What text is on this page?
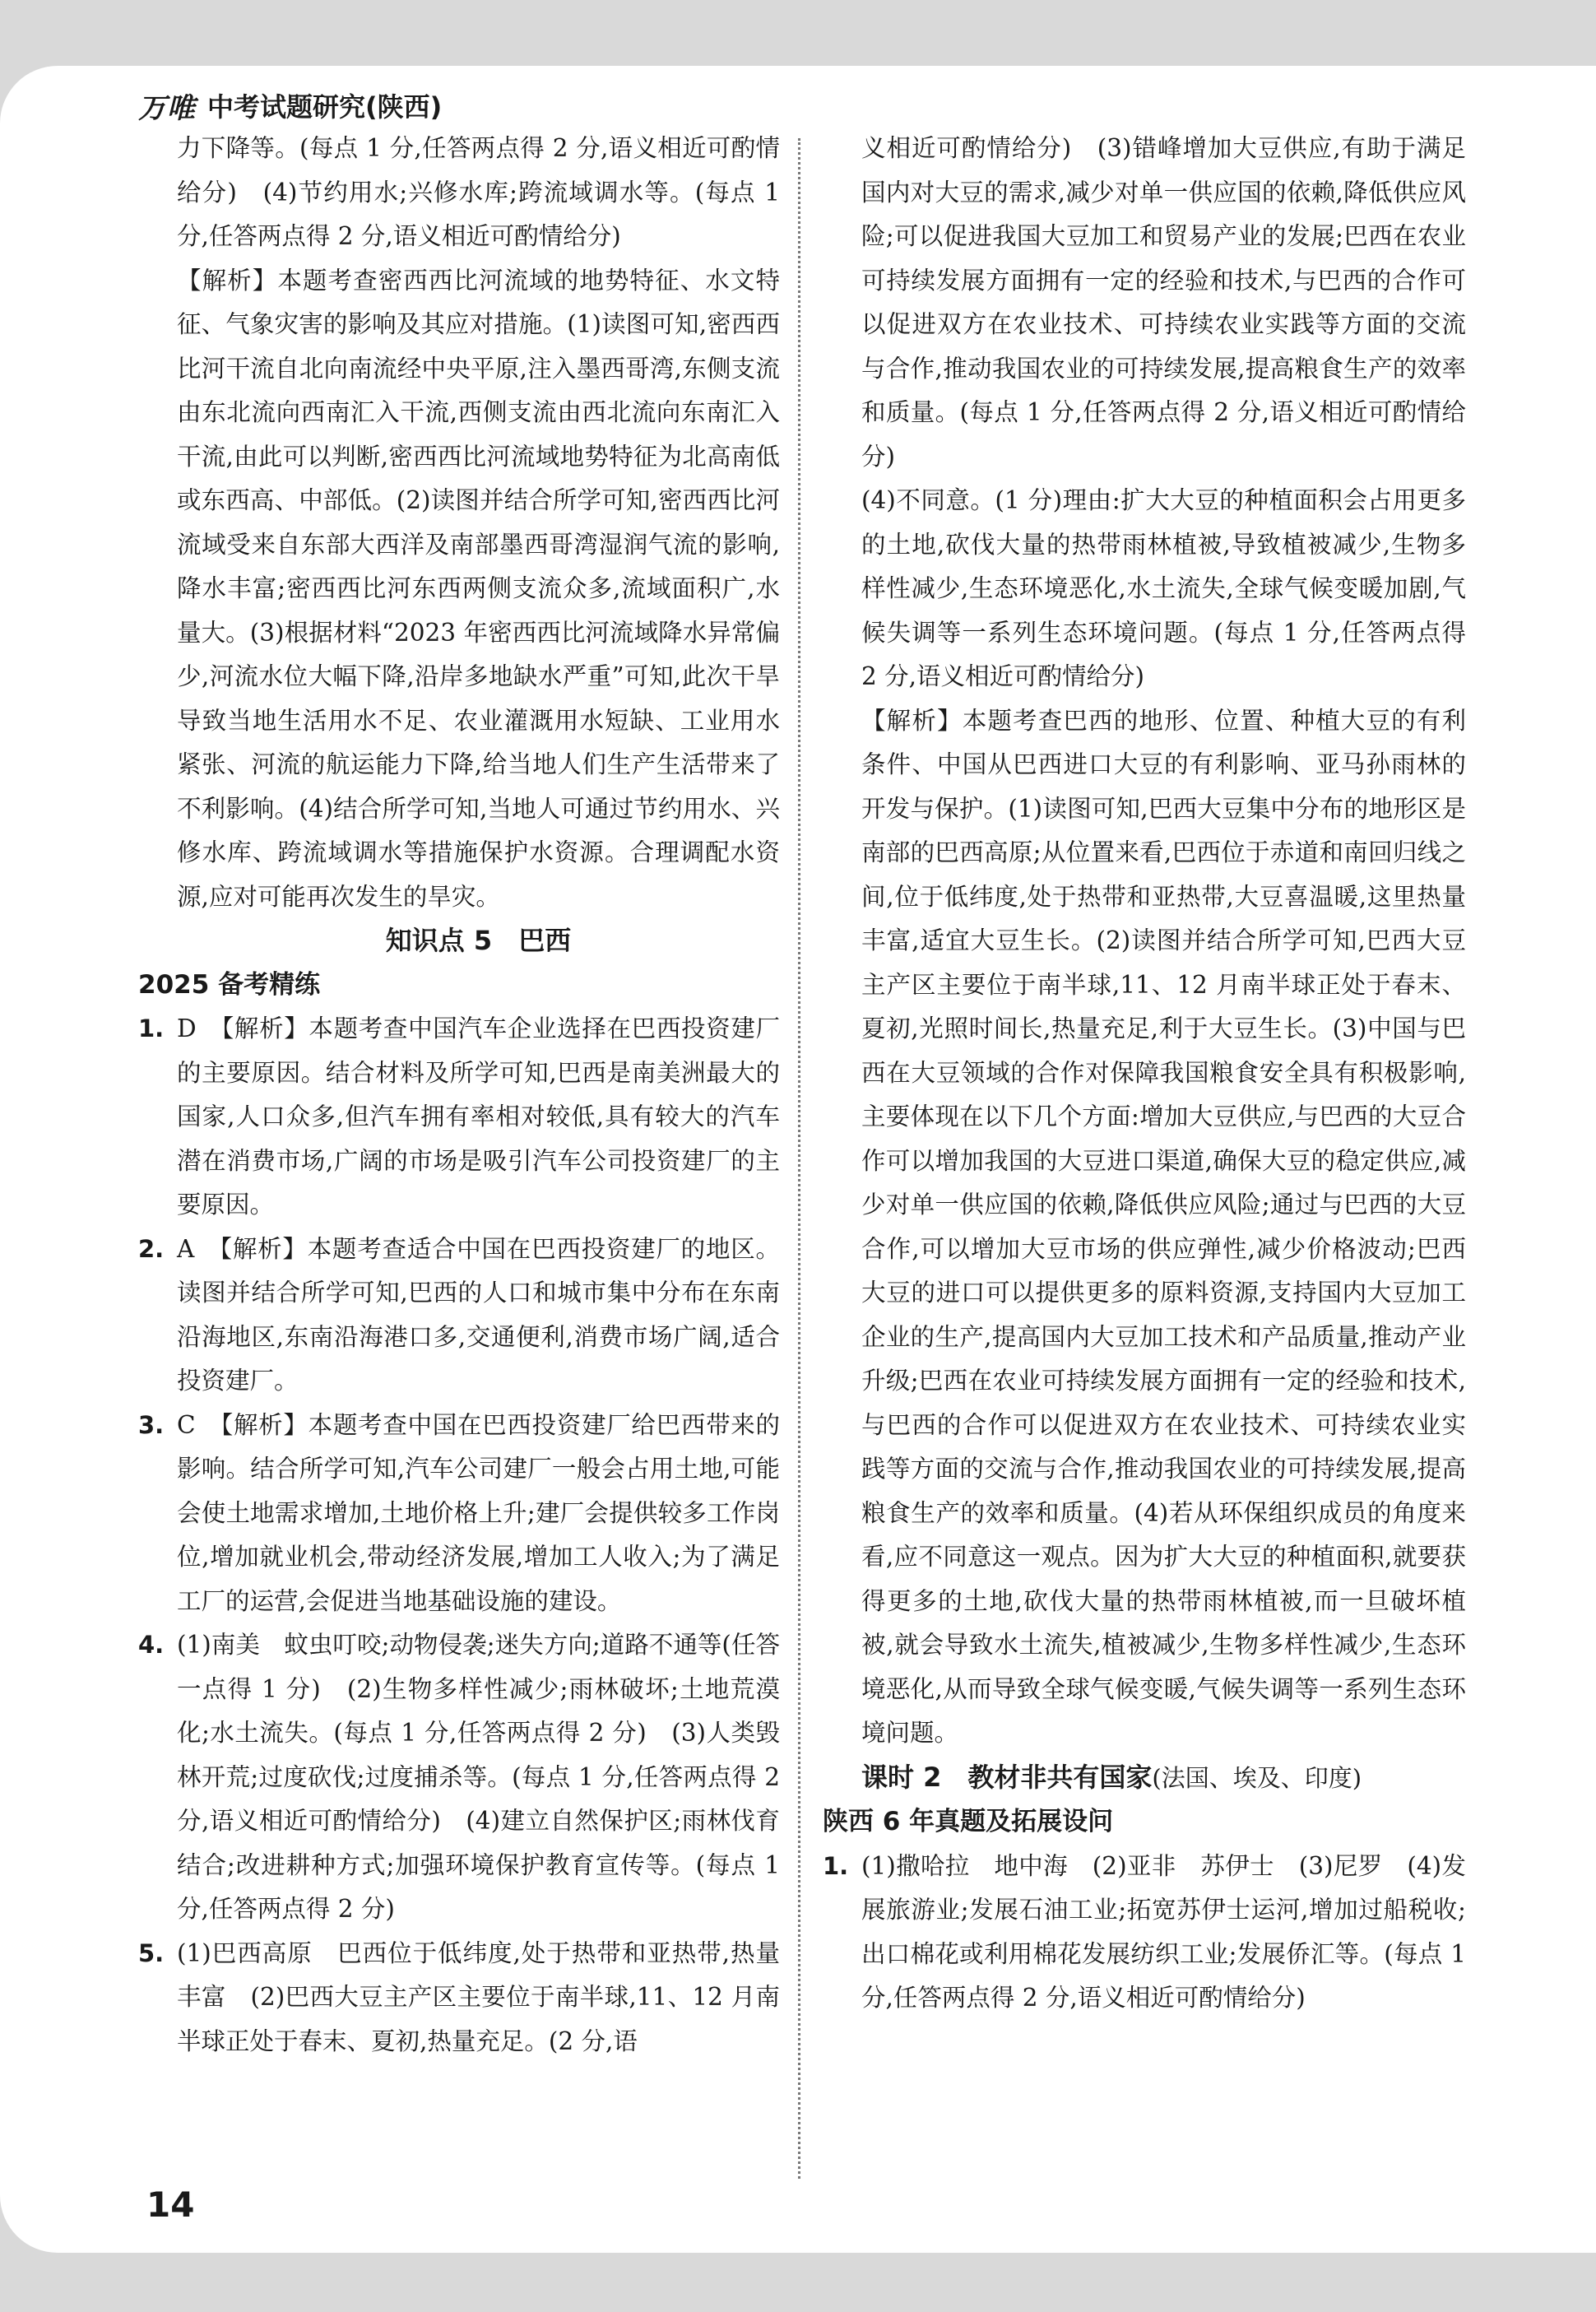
万唯 中考试题研究(陕西)

力下降等。(每点 1 分,任答两点得 2 分,语义相近可酌情给分)　(4)节约用水;兴修水库;跨流域调水等。(每点 1 分,任答两点得 2 分,语义相近可酌情给分)

【解析】本题考查密西西比河流域的地势特征、水文特征、气象灾害的影响及其应对措施。(1)读图可知,密西西比河干流自北向南流经中央平原,注入墨西哥湾,东侧支流由东北流向西南汇入干流,西侧支流由西北流向东南汇入干流,由此可以判断,密西西比河流域地势特征为北高南低或东西高、中部低。(2)读图并结合所学可知,密西西比河流域受来自东部大西洋及南部墨西哥湾湿润气流的影响,降水丰富;密西西比河东西两侧支流众多,流域面积广,水量大。(3)根据材料“2023 年密西西比河流域降水异常偏少,河流水位大幅下降,沿岸多地缺水严重”可知,此次干旱导致当地生活用水不足、农业灌溉用水短缺、工业用水紧张、河流的航运能力下降,给当地人们生产生活带来了不利影响。(4)结合所学可知,当地人可通过节约用水、兴修水库、跨流域调水等措施保护水资源。合理调配水资源,应对可能再次发生的旱灾。

知识点 5　巴西

2025 备考精练

1. D　【解析】本题考查中国汽车企业选择在巴西投资建厂的主要原因。结合材料及所学可知,巴西是南美洲最大的国家,人口众多,但汽车拥有率相对较低,具有较大的汽车潜在消费市场,广阔的市场是吸引汽车公司投资建厂的主要原因。
2. A　【解析】本题考查适合中国在巴西投资建厂的地区。读图并结合所学可知,巴西的人口和城市集中分布在东南沿海地区,东南沿海港口多,交通便利,消费市场广阔,适合投资建厂。
3. C　【解析】本题考查中国在巴西投资建厂给巴西带来的影响。结合所学可知,汽车公司建厂一般会占用土地,可能会使土地需求增加,土地价格上升;建厂会提供较多工作岗位,增加就业机会,带动经济发展,增加工人收入;为了满足工厂的运营,会促进当地基础设施的建设。
4. (1)南美　蚊虫叮咬;动物侵袭;迷失方向;道路不通等(任答一点得 1 分)　(2)生物多样性减少;雨林破坏;土地荒漠化;水土流失。(每点 1 分,任答两点得 2 分)　(3)人类毁林开荒;过度砍伐;过度捕杀等。(每点 1 分,任答两点得 2 分,语义相近可酌情给分)　(4)建立自然保护区;雨林伐育结合;改进耕种方式;加强环境保护教育宣传等。(每点 1 分,任答两点得 2 分)
5. (1)巴西高原　巴西位于低纬度,处于热带和亚热带,热量丰富　(2)巴西大豆主产区主要位于南半球,11、12 月南半球正处于春末、夏初,热量充足。(2 分,语

义相近可酌情给分)　(3)错峰增加大豆供应,有助于满足国内对大豆的需求,减少对单一供应国的依赖,降低供应风险;可以促进我国大豆加工和贸易产业的发展;巴西在农业可持续发展方面拥有一定的经验和技术,与巴西的合作可以促进双方在农业技术、可持续农业实践等方面的交流与合作,推动我国农业的可持续发展,提高粮食生产的效率和质量。(每点 1 分,任答两点得 2 分,语义相近可酌情给分)

(4)不同意。(1 分)理由:扩大大豆的种植面积会占用更多的土地,砍伐大量的热带雨林植被,导致植被减少,生物多样性减少,生态环境恶化,水土流失,全球气候变暖加剧,气候失调等一系列生态环境问题。(每点 1 分,任答两点得 2 分,语义相近可酌情给分)

【解析】本题考查巴西的地形、位置、种植大豆的有利条件、中国从巴西进口大豆的有利影响、亚马孙雨林的开发与保护。(1)读图可知,巴西大豆集中分布的地形区是南部的巴西高原;从位置来看,巴西位于赤道和南回归线之间,位于低纬度,处于热带和亚热带,大豆喜温暖,这里热量丰富,适宜大豆生长。(2)读图并结合所学可知,巴西大豆主产区主要位于南半球,11、12 月南半球正处于春末、夏初,光照时间长,热量充足,利于大豆生长。(3)中国与巴西在大豆领域的合作对保障我国粮食安全具有积极影响,主要体现在以下几个方面:增加大豆供应,与巴西的大豆合作可以增加我国的大豆进口渠道,确保大豆的稳定供应,减少对单一供应国的依赖,降低供应风险;通过与巴西的大豆合作,可以增加大豆市场的供应弹性,减少价格波动;巴西大豆的进口可以提供更多的原料资源,支持国内大豆加工企业的生产,提高国内大豆加工技术和产品质量,推动产业升级;巴西在农业可持续发展方面拥有一定的经验和技术,与巴西的合作可以促进双方在农业技术、可持续农业实践等方面的交流与合作,推动我国农业的可持续发展,提高粮食生产的效率和质量。(4)若从环保组织成员的角度来看,应不同意这一观点。因为扩大大豆的种植面积,就要获得更多的土地,砍伐大量的热带雨林植被,而一旦破坏植被,就会导致水土流失,植被减少,生物多样性减少,生态环境恶化,从而导致全球气候变暖,气候失调等一系列生态环境问题。

课时 2　教材非共有国家(法国、埃及、印度)

陕西 6 年真题及拓展设问

1. (1)撒哈拉　地中海　(2)亚非　苏伊士　(3)尼罗　(4)发展旅游业;发展石油工业;拓宽苏伊士运河,增加过船税收;出口棉花或利用棉花发展纺织工业;发展侨汇等。(每点 1 分,任答两点得 2 分,语义相近可酌情给分)
14
